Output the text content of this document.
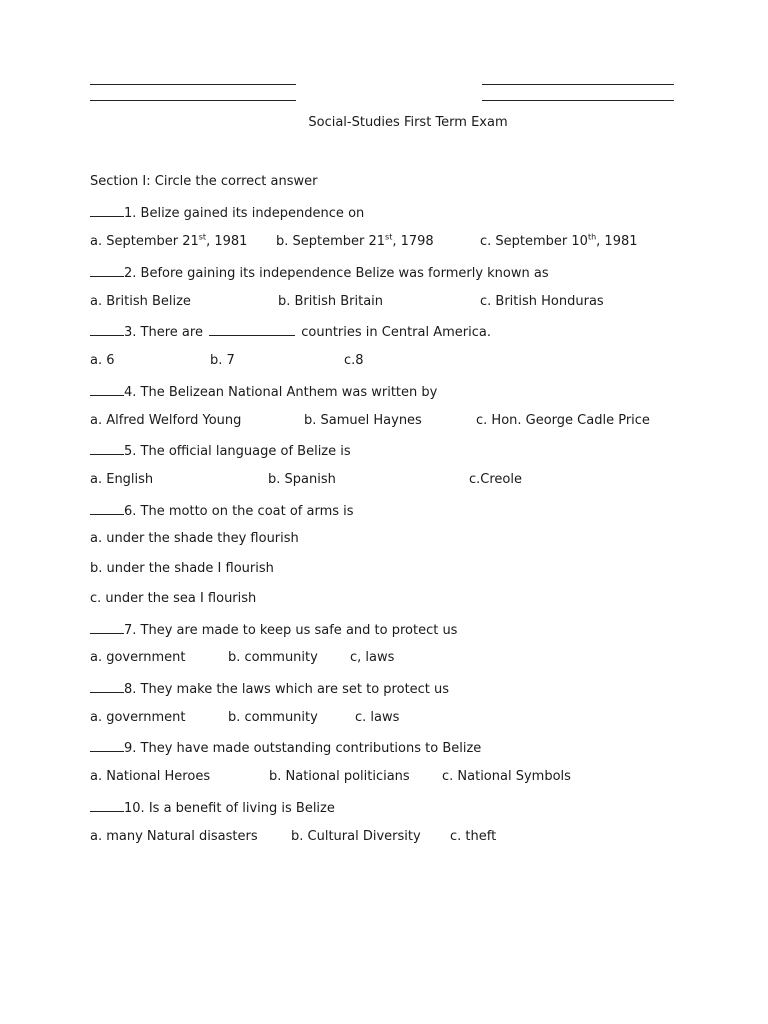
Social-Studies First Term Exam
Section I: Circle the correct answer
1. Belize gained its independence on
a. September 21st, 1981 b. September 21st, 1798	c. September 10th, 1981
2. Before gaining its independence Belize was formerly known as
a. British Belize	b. British Britain	c. British Honduras
3. There are	countries in Central America.
a. 6	b. 7	c.8
4. The Belizean National Anthem was written by
a. Alfred Welford Young	b. Samuel Haynes	c. Hon. George Cadle Price
5. The official language of Belize is
a. English	b. Spanish	c.Creole
6. The motto on the coat of arms is
a. under the shade they flourish
b. under the shade I flourish
c. under the sea I flourish
7. They are made to keep us safe and to protect us
a. government	b. community c, laws
8. They make the laws which are set to protect us
a. government	b. community	c. laws
9. They have made outstanding contributions to Belize
a. National Heroes	b. National politicians c. National Symbols
10. Is a benefit of living is Belize
a. many Natural disasters	b. Cultural Diversity c. theft
